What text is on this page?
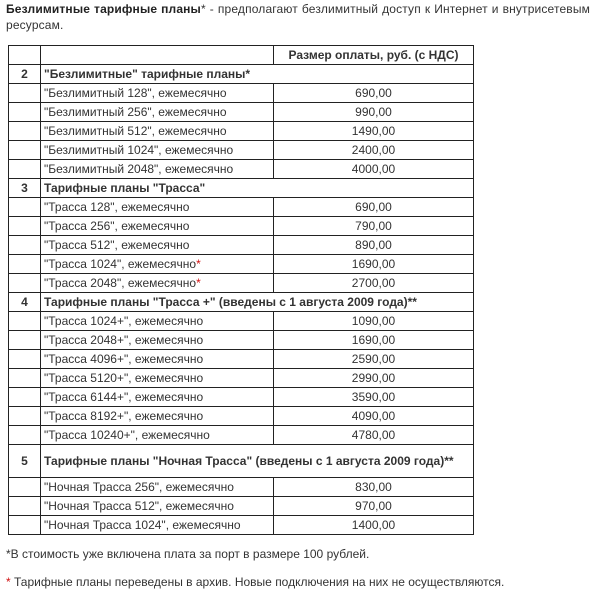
Безлимитные тарифные планы* - предполагают безлимитный доступ к Интернет и внутрисетевым ресурсам.
		Размер оплаты, руб. (с НДС)
2	"Безлимитные" тарифные планы*	
	"Безлимитный 128", ежемесячно	690,00
	"Безлимитный 256", ежемесячно	990,00
	"Безлимитный 512", ежемесячно	1490,00
	"Безлимитный 1024", ежемесячно	2400,00
	"Безлимитный 2048", ежемесячно	4000,00
3	Тарифные планы "Трасса"	
	"Трасса 128", ежемесячно	690,00
	"Трасса 256", ежемесячно	790,00
	"Трасса 512", ежемесячно	890,00
	"Трасса 1024", ежемесячно*	1690,00
	"Трасса 2048", ежемесячно*	2700,00
4	Тарифные планы "Трасса +" (введены с 1 августа 2009 года)**	
	"Трасса 1024+", ежемесячно	1090,00
	"Трасса 2048+", ежемесячно	1690,00
	"Трасса 4096+", ежемесячно	2590,00
	"Трасса 5120+", ежемесячно	2990,00
	"Трасса 6144+", ежемесячно	3590,00
	"Трасса 8192+", ежемесячно	4090,00
	"Трасса 10240+", ежемесячно	4780,00
5	Тарифные планы "Ночная Трасса" (введены с 1 августа 2009 года)**	
	"Ночная Трасса 256", ежемесячно	830,00
	"Ночная Трасса 512", ежемесячно	970,00
	"Ночная Трасса 1024", ежемесячно	1400,00
*В стоимость уже включена плата за порт в размере 100 рублей.
* Тарифные планы переведены в архив. Новые подключения на них не осуществляются.
